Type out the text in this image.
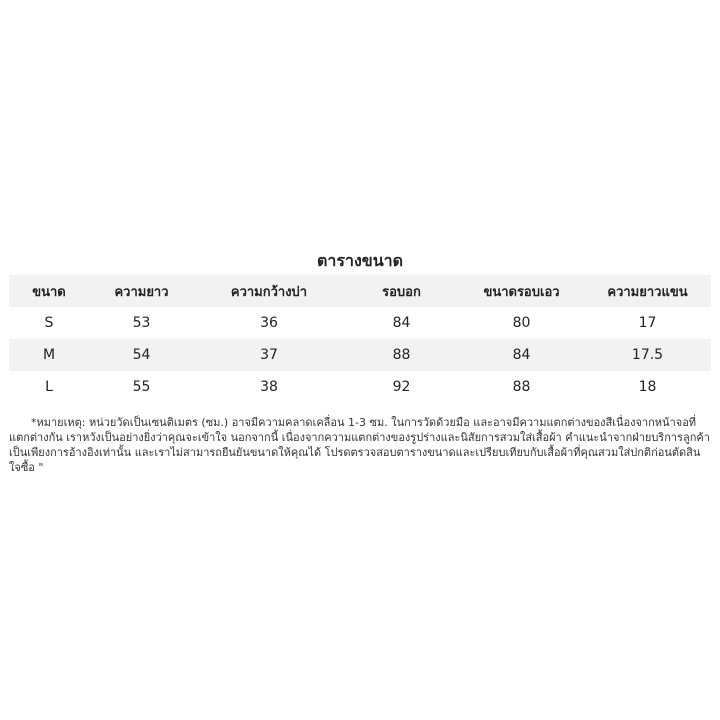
ตารางขนาด
ขนาด	ความยาว	ความกว้างบ่า	รอบอก	ขนาดรอบเอว	ความยาวแขน
S	53	36	84	80	17
M	54	37	88	84	17.5
L	55	38	92	88	18

*หมายเหตุ: หน่วยวัดเป็นเซนติเมตร (ซม.) อาจมีความคลาดเคลื่อน 1-3 ซม. ในการวัดด้วยมือ และอาจมีความแตกต่างของสีเนื่องจากหน้าจอที่แตกต่างกัน เราหวังเป็นอย่างยิ่งว่าคุณจะเข้าใจ นอกจากนี้ เนื่องจากความแตกต่างของรูปร่างและนิสัยการสวมใส่เสื้อผ้า คำแนะนำจากฝ่ายบริการลูกค้าเป็นเพียงการอ้างอิงเท่านั้น และเราไม่สามารถยืนยันขนาดให้คุณได้ โปรดตรวจสอบตารางขนาดและเปรียบเทียบกับเสื้อผ้าที่คุณสวมใส่ปกติก่อนตัดสินใจซื้อ "
